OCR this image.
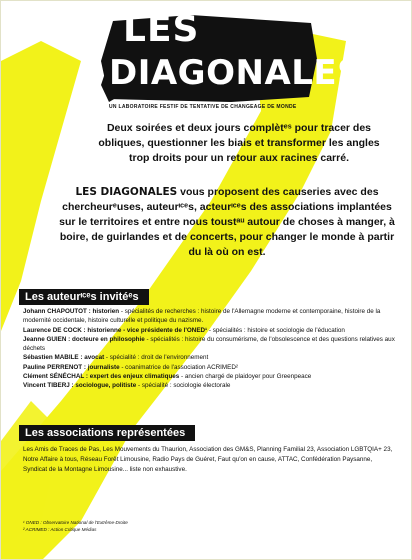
LES
DIAGONALES
UN LABORATOIRE FESTIF DE TENTATIVE DE CHANGEAGE DE MONDE
Deux soirées et deux jours complètᵉˢ pour tracer des obliques, questionner les biais et transformer les angles trop droits pour un retour aux racines carré.
LES DIAGONALES vous proposent des causeries avec des chercheurᵉuses, auteurᶦᶜᵉs, acteurᶦᶜᵉs des associations implantées sur le territoires et entre nous toustᵃᵘ autour de choses à manger, à boire, de guirlandes et de concerts, pour changer le monde à partir du là où on est.
Les auteurᶦᶜᵉs invitéᵉs
Johann CHAPOUTOT : historien - spécialités de recherches : histoire de l'Allemagne moderne et contemporaine, histoire de la modernité occidentale, histoire culturelle et politique du nazisme.
Laurence DE COCK : historienne - vice présidente de l'ONED¹ - spécialités : histoire et sociologie de l'éducation
Jeanne GUIEN : docteure en philosophie - spécialités : histoire du consumérisme, de l'obsolescence et des questions relatives aux déchets
Sébastien MABILE : avocat - spécialité : droit de l'environnement
Pauline PERRENOT : journaliste - coanimatrice de l'association ACRIMED²
Clément SÉNÉCHAL : expert des enjeux climatiques - ancien chargé de plaidoyer pour Greenpeace
Vincent TIBERJ : sociologue, politiste - spécialité : sociologie électorale
Les associations représentées
Les Amis de Traces de Pas, Les Mouvements du Thaurion, Association des GM&S, Planning Familial 23, Association LGBTQIA+ 23, Notre Affaire à tous, Réseau Forêt Limousine, Radio Pays de Guéret, Faut qu'on en cause, ATTAC, Confédération Paysanne, Syndicat de la Montagne Limousine... liste non exhaustive.
¹ ONED : Observatoire National de l'Extrême-Droite
² ACRIMED : Action Critique Médias
